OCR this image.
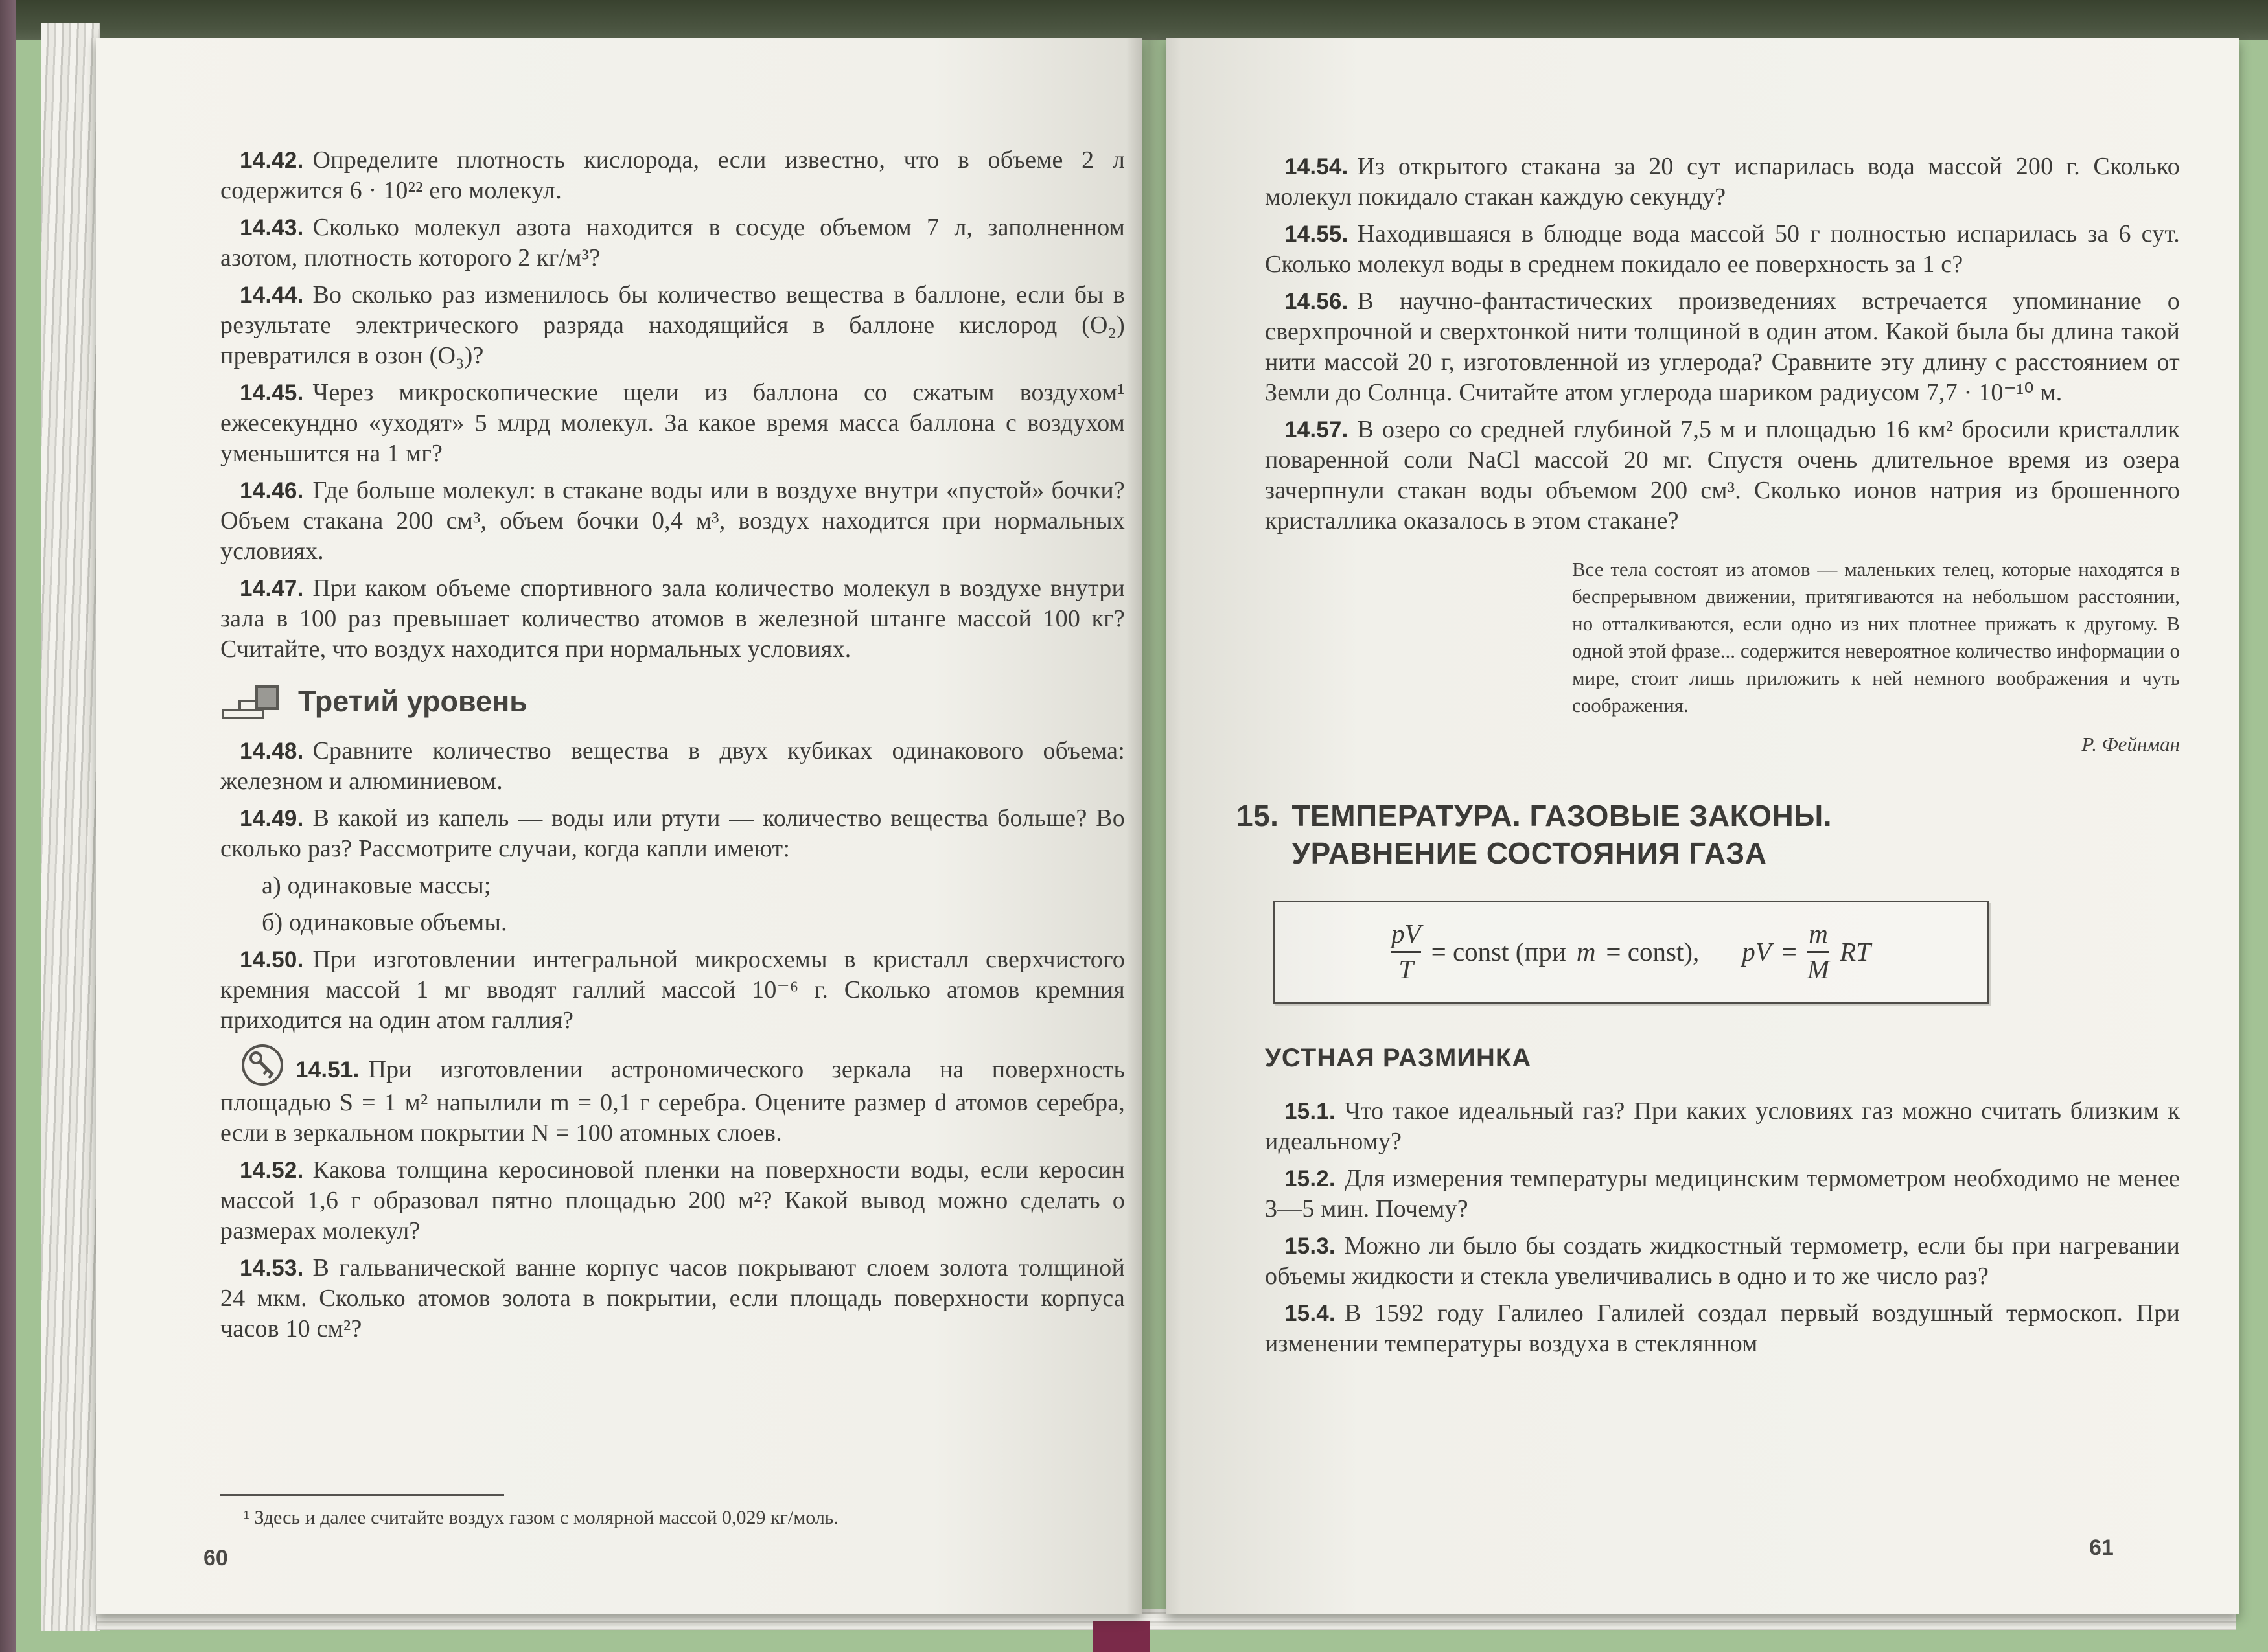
14.42. Определите плотность кислорода, если известно, что в объеме 2 л содержится 6 · 10²² его молекул.

14.43. Сколько молекул азота находится в сосуде объемом 7 л, заполненном азотом, плотность которого 2 кг/м³?

14.44. Во сколько раз изменилось бы количество вещества в баллоне, если бы в результате электрического разряда находящийся в баллоне кислород (О₂) превратился в озон (О₃)?

14.45. Через микроскопические щели из баллона со сжатым воздухом¹ ежесекундно «уходят» 5 млрд молекул. За какое время масса баллона с воздухом уменьшится на 1 мг?

14.46. Где больше молекул: в стакане воды или в воздухе внутри «пустой» бочки? Объем стакана 200 см³, объем бочки 0,4 м³, воздух находится при нормальных условиях.

14.47. При каком объеме спортивного зала количество молекул в воздухе внутри зала в 100 раз превышает количество атомов в железной штанге массой 100 кг? Считайте, что воздух находится при нормальных условиях.

Третий уровень

14.48. Сравните количество вещества в двух кубиках одинакового объема: железном и алюминиевом.

14.49. В какой из капель — воды или ртути — количество вещества больше? Во сколько раз? Рассмотрите случаи, когда капли имеют:

а) одинаковые массы;

б) одинаковые объемы.

14.50. При изготовлении интегральной микросхемы в кристалл сверхчистого кремния массой 1 мг вводят галлий массой 10⁻⁶ г. Сколько атомов кремния приходится на один атом галлия?

14.51. При изготовлении астрономического зеркала на поверхность площадью S = 1 м² напылили m = 0,1 г серебра. Оцените размер d атомов серебра, если в зеркальном покрытии N = 100 атомных слоев.

14.52. Какова толщина керосиновой пленки на поверхности воды, если керосин массой 1,6 г образовал пятно площадью 200 м²? Какой вывод можно сделать о размерах молекул?

14.53. В гальванической ванне корпус часов покрывают слоем золота толщиной 24 мкм. Сколько атомов золота в покрытии, если площадь поверхности корпуса часов 10 см²?

¹ Здесь и далее считайте воздух газом с молярной массой 0,029 кг/моль.

60

14.54. Из открытого стакана за 20 сут испарилась вода массой 200 г. Сколько молекул покидало стакан каждую секунду?

14.55. Находившаяся в блюдце вода массой 50 г полностью испарилась за 6 сут. Сколько молекул воды в среднем покидало ее поверхность за 1 с?

14.56. В научно-фантастических произведениях встречается упоминание о сверхпрочной и сверхтонкой нити толщиной в один атом. Какой была бы длина такой нити массой 20 г, изготовленной из углерода? Сравните эту длину с расстоянием от Земли до Солнца. Считайте атом углерода шариком радиусом 7,7 · 10⁻¹⁰ м.

14.57. В озеро со средней глубиной 7,5 м и площадью 16 км² бросили кристаллик поваренной соли NaCl массой 20 мг. Спустя очень длительное время из озера зачерпнули стакан воды объемом 200 см³. Сколько ионов натрия из брошенного кристаллика оказалось в этом стакане?

Все тела состоят из атомов — маленьких телец, которые находятся в беспрерывном движении, притягиваются на небольшом расстоянии, но отталкиваются, если одно из них плотнее прижать к другому. В одной этой фразе... содержится невероятное количество информации о мире, стоит лишь приложить к ней немного воображения и чуть соображения.

Р. Фейнман

15. ТЕМПЕРАТУРА. ГАЗОВЫЕ ЗАКОНЫ.
УРАВНЕНИЕ СОСТОЯНИЯ ГАЗА
$\frac{pV}{T}$ = const (при m = const), pV = $\frac{m}{M}$ RT
УСТНАЯ РАЗМИНКА

15.1. Что такое идеальный газ? При каких условиях газ можно считать близким к идеальному?

15.2. Для измерения температуры медицинским термометром необходимо не менее 3—5 мин. Почему?

15.3. Можно ли было бы создать жидкостный термометр, если бы при нагревании объемы жидкости и стекла увеличивались в одно и то же число раз?

15.4. В 1592 году Галилео Галилей создал первый воздушный термоскоп. При изменении температуры воздуха в стеклянном

61
